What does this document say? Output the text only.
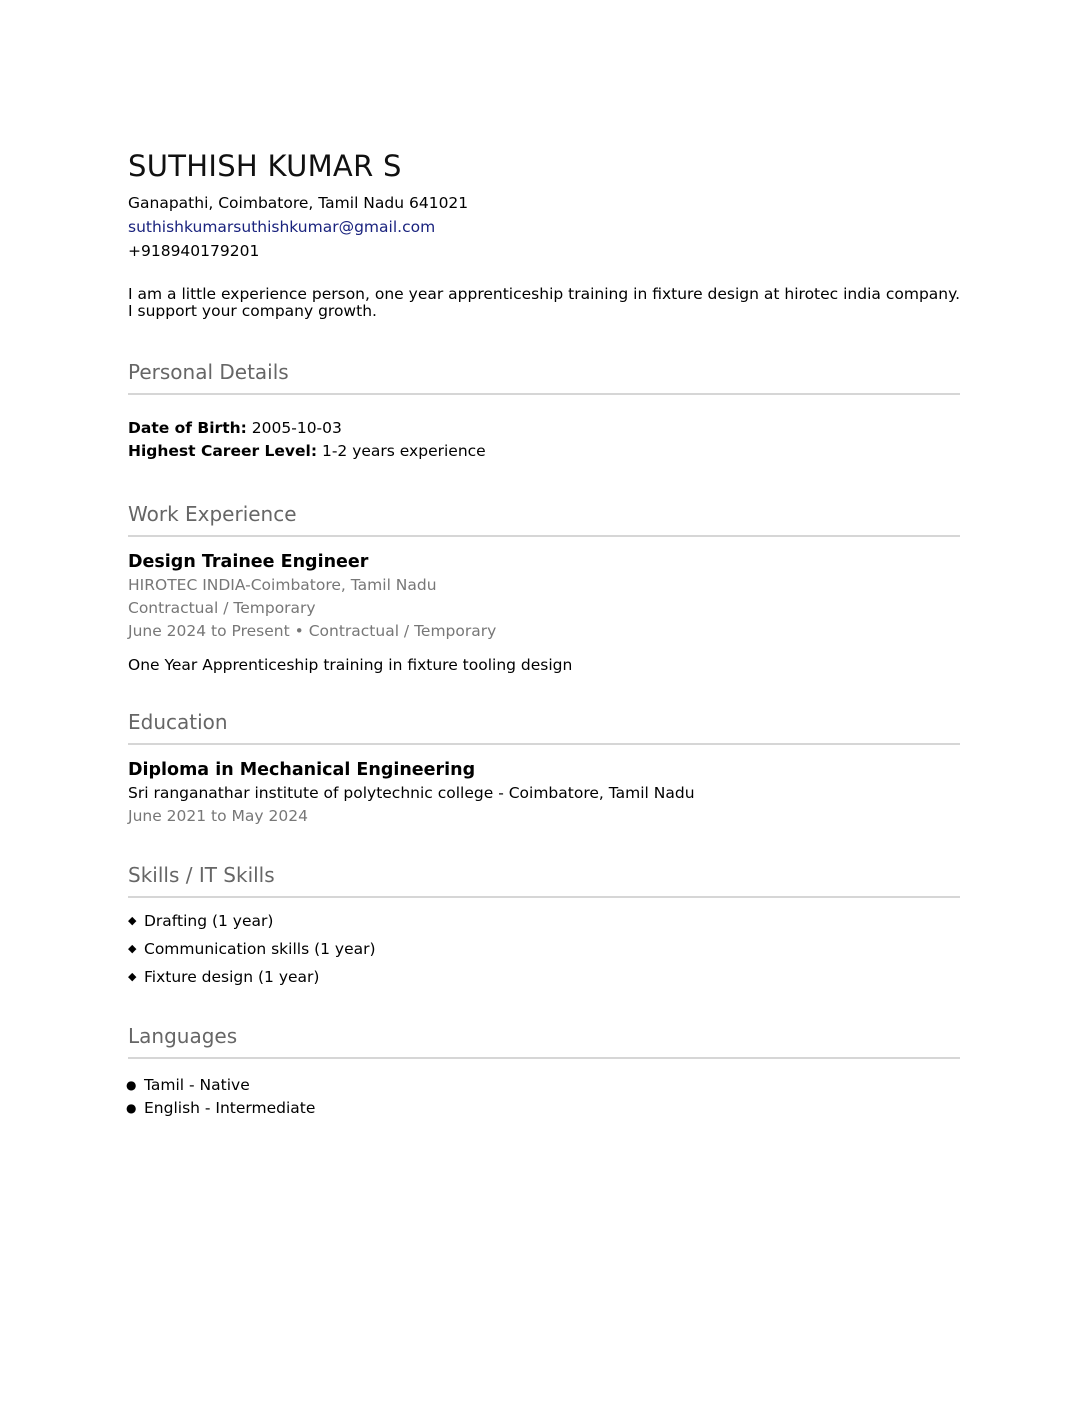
SUTHISH KUMAR S
Ganapathi, Coimbatore, Tamil Nadu 641021
suthishkumarsuthishkumar@gmail.com
+918940179201
I am a little experience person, one year apprenticeship training in fixture design at hirotec india company. I support your company growth.
Personal Details
Date of Birth: 2005-10-03
Highest Career Level: 1-2 years experience
Work Experience
Design Trainee Engineer
HIROTEC INDIA-Coimbatore, Tamil Nadu
Contractual / Temporary
June 2024 to Present • Contractual / Temporary
One Year Apprenticeship training in fixture tooling design
Education
Diploma in Mechanical Engineering
Sri ranganathar institute of polytechnic college - Coimbatore, Tamil Nadu
June 2021 to May 2024
Skills / IT Skills
◆ Drafting (1 year)
◆ Communication skills (1 year)
◆ Fixture design (1 year)
Languages
● Tamil - Native
● English - Intermediate
